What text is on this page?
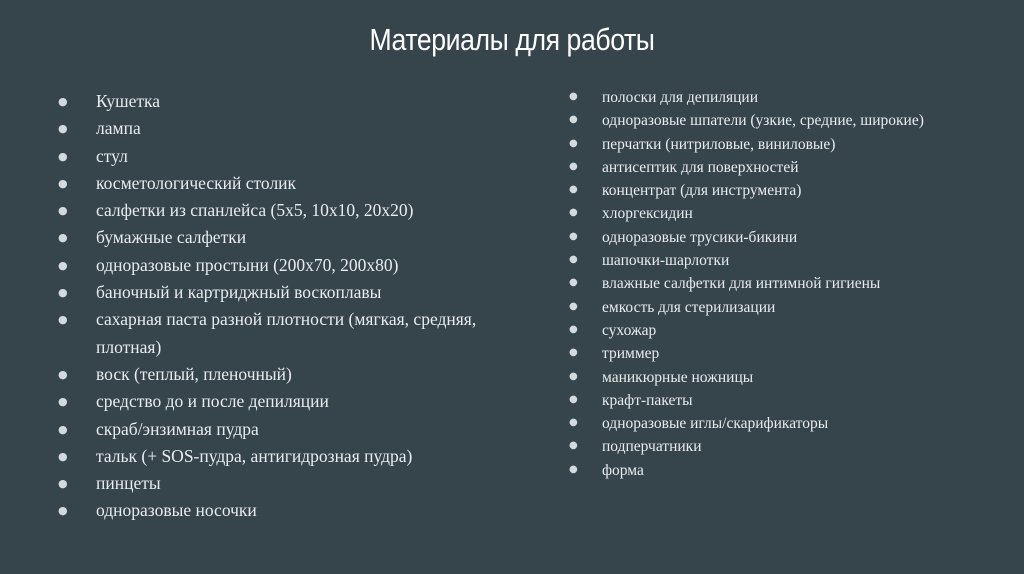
Материалы для работы
● Кушетка
● лампа
● стул
● косметологический столик
● салфетки из спанлейса (5х5, 10х10, 20х20)
● бумажные салфетки
● одноразовые простыни (200х70, 200х80)
● баночный и картриджный воскоплавы
● сахарная паста разной плотности (мягкая, средняя, плотная)
● воск (теплый, пленочный)
● средство до и после депиляции
● скраб/энзимная пудра
● тальк (+ SOS-пудра, антигидрозная пудра)
● пинцеты
● одноразовые носочки
● полоски для депиляции
● одноразовые шпатели (узкие, средние, широкие)
● перчатки (нитриловые, виниловые)
● антисептик для поверхностей
● концентрат (для инструмента)
● хлоргексидин
● одноразовые трусики-бикини
● шапочки-шарлотки
● влажные салфетки для интимной гигиены
● емкость для стерилизации
● сухожар
● триммер
● маникюрные ножницы
● крафт-пакеты
● одноразовые иглы/скарификаторы
● подперчатники
● форма
